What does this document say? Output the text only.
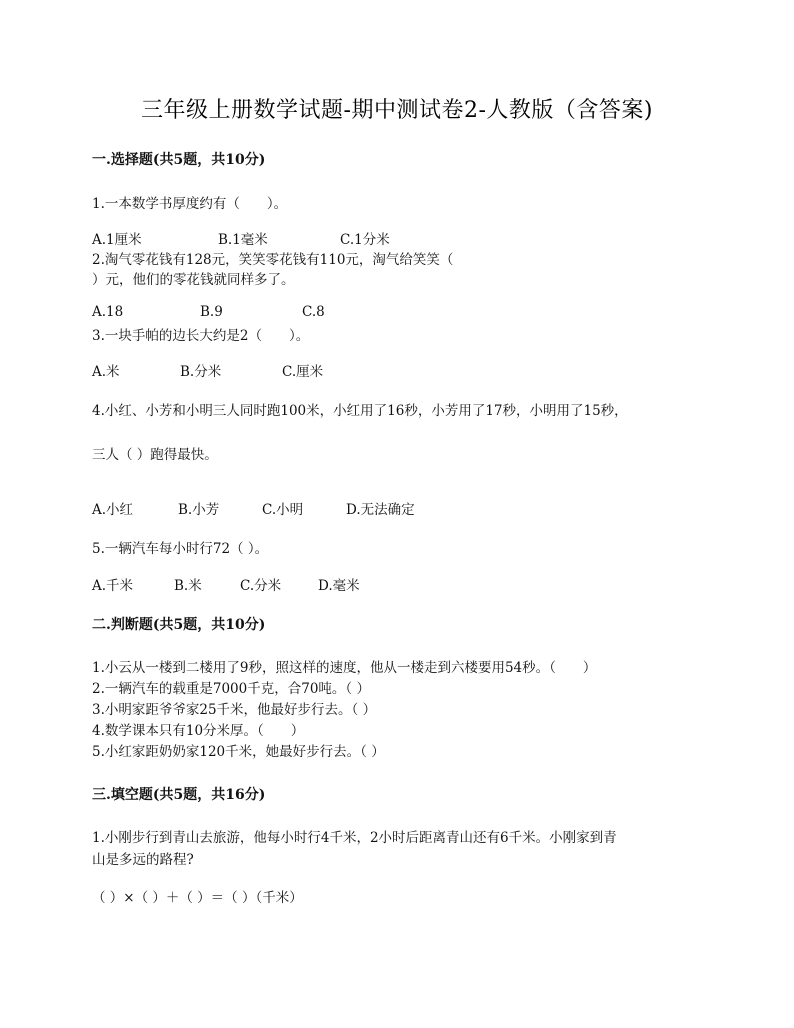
三年级上册数学试题-期中测试卷2-人教版（含答案)
一.选择题(共5题，共10分)
1.一本数学书厚度约有（　　）。
A.1厘米	B.1毫米	C.1分米
2.淘气零花钱有128元，笑笑零花钱有110元，淘气给笑笑（
）元，他们的零花钱就同样多了。
A.18	B.9	C.8
3.一块手帕的边长大约是2（　　）。
A.米	B.分米	C.厘米
4.小红、小芳和小明三人同时跑100米，小红用了16秒，小芳用了17秒，小明用了15秒，
三人（ ）跑得最快。
A.小红	B.小芳	C.小明	D.无法确定
5.一辆汽车每小时行72（ ）。
A.千米	B.米	C.分米	D.毫米
二.判断题(共5题，共10分)
1.小云从一楼到二楼用了9秒，照这样的速度，他从一楼走到六楼要用54秒。（　　）
2.一辆汽车的载重是7000千克，合70吨。（ ）
3.小明家距爷爷家25千米，他最好步行去。（ ）
4.数学课本只有10分米厚。（　　）
5.小红家距奶奶家120千米，她最好步行去。（ ）
三.填空题(共5题，共16分)
1.小刚步行到青山去旅游，他每小时行4千米，2小时后距离青山还有6千米。小刚家到青
山是多远的路程?
（ ）×（ ）＋（ ）＝（ ）（千米）
